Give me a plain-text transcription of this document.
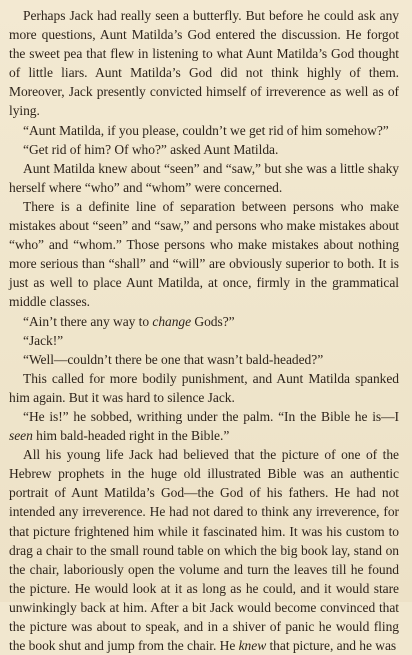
Perhaps Jack had really seen a butterfly. But before he could ask any more questions, Aunt Matilda’s God entered the discussion. He forgot the sweet pea that flew in listening to what Aunt Matilda’s God thought of little liars. Aunt Matilda’s God did not think highly of them. Moreover, Jack presently convicted himself of irreverence as well as of lying.

“Aunt Matilda, if you please, couldn’t we get rid of him somehow?”

“Get rid of him? Of who?” asked Aunt Matilda.

Aunt Matilda knew about “seen” and “saw,” but she was a little shaky herself where “who” and “whom” were concerned.

There is a definite line of separation between persons who make mistakes about “seen” and “saw,” and persons who make mistakes about “who” and “whom.” Those persons who make mistakes about nothing more serious than “shall” and “will” are obviously superior to both. It is just as well to place Aunt Matilda, at once, firmly in the grammatical middle classes.

“Ain’t there any way to change Gods?”

“Jack!”

“Well—couldn’t there be one that wasn’t bald-headed?”

This called for more bodily punishment, and Aunt Matilda spanked him again. But it was hard to silence Jack.

“He is!” he sobbed, writhing under the palm. “In the Bible he is—I seen him bald-headed right in the Bible.”

All his young life Jack had believed that the picture of one of the Hebrew prophets in the huge old illustrated Bible was an authentic portrait of Aunt Matilda’s God—the God of his fathers. He had not intended any irreverence. He had not dared to think any irreverence, for that picture frightened him while it fascinated him. It was his custom to drag a chair to the small round table on which the big book lay, stand on the chair, laboriously open the volume and turn the leaves till he found the picture. He would look at it as long as he could, and it would stare unwinkingly back at him. After a bit Jack would become convinced that the picture was about to speak, and in a shiver of panic he would fling the book shut and jump from the chair. He knew that picture, and he was
